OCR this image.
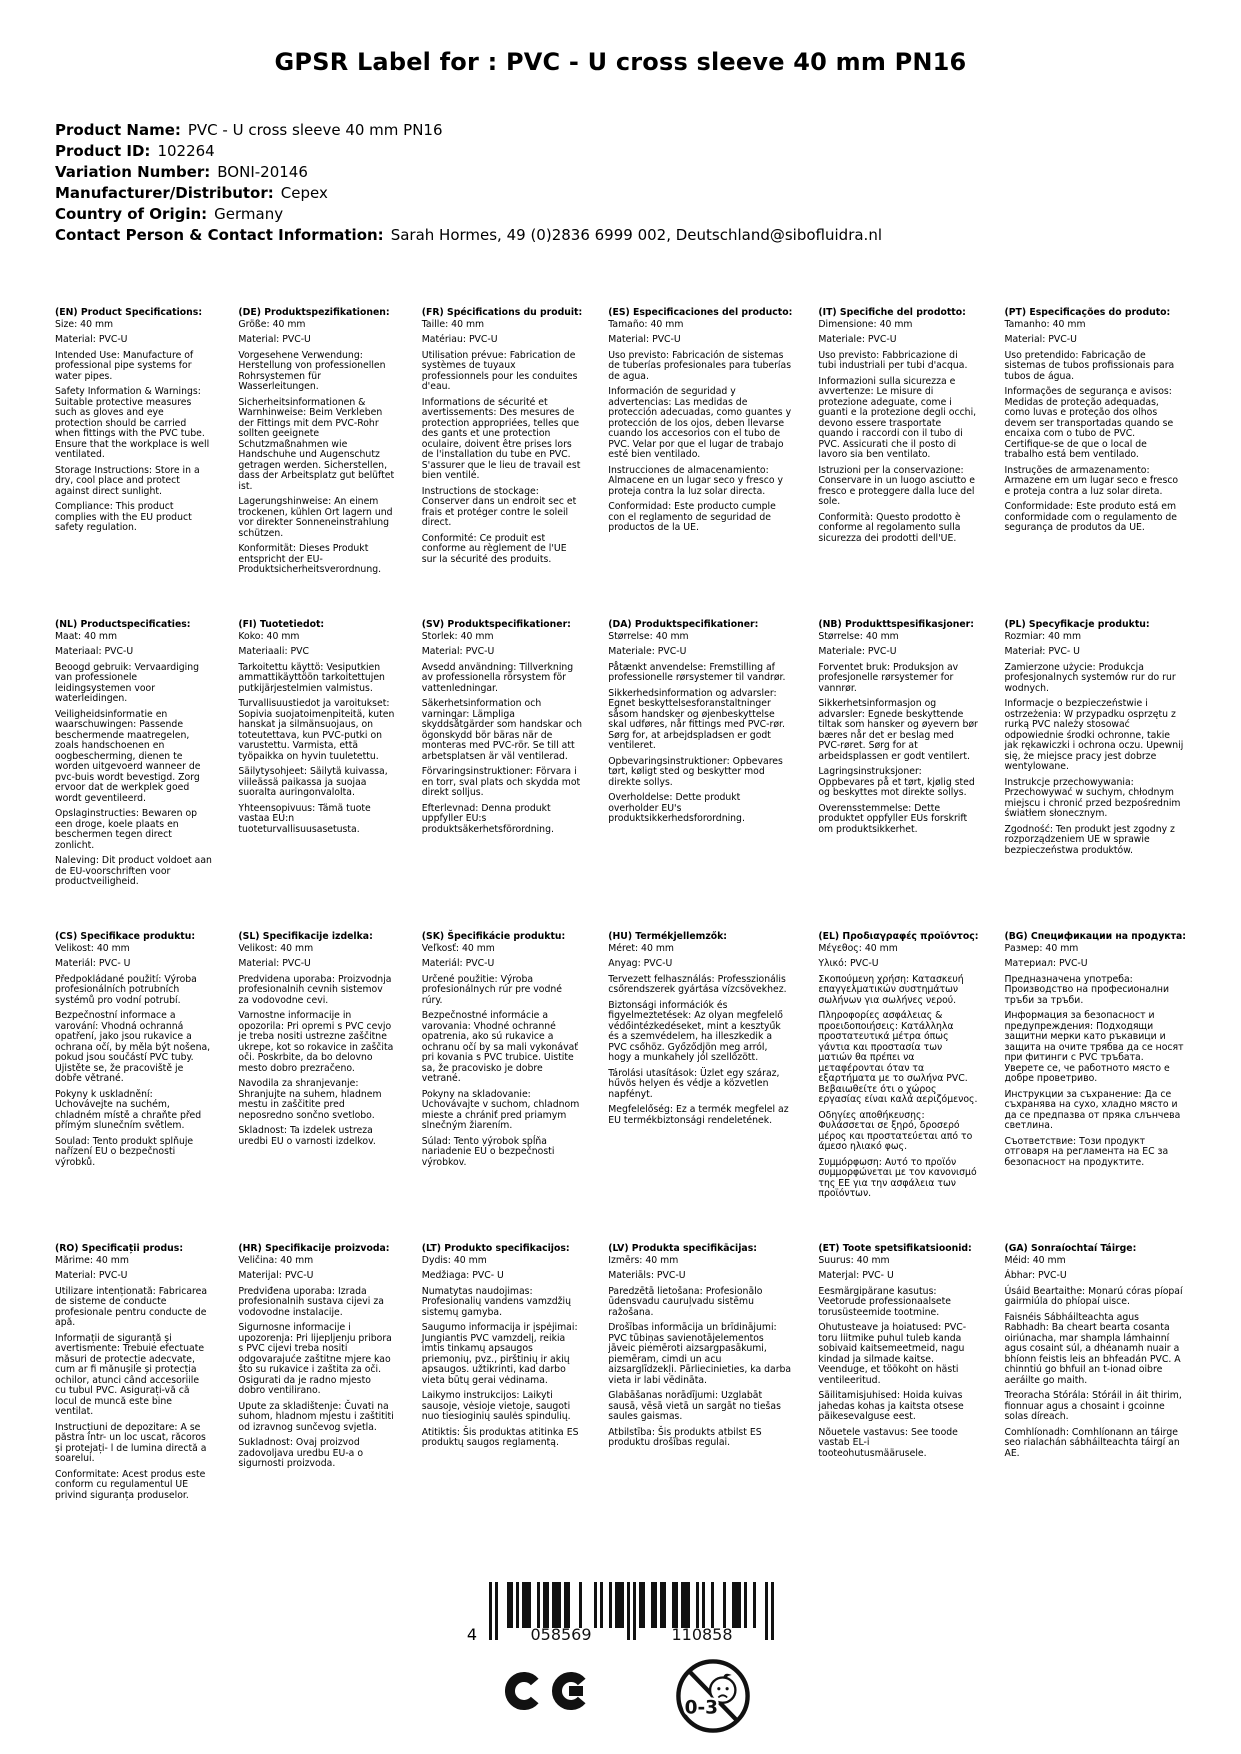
GPSR Label for : PVC - U cross sleeve 40 mm PN16
Product Name: PVC - U cross sleeve 40 mm PN16
Product ID: 102264
Variation Number: BONI-20146
Manufacturer/Distributor: Cepex
Country of Origin: Germany
Contact Person & Contact Information: Sarah Hormes, 49 (0)2836 6999 002, Deutschland@sibofluidra.nl
(EN) Product Specifications:

Size: 40 mm

Material: PVC-U

Intended Use: Manufacture of professional pipe systems for water pipes.

Safety Information & Warnings: Suitable protective measures such as gloves and eye protection should be carried when fittings with the PVC tube. Ensure that the workplace is well ventilated.

Storage Instructions: Store in a dry, cool place and protect against direct sunlight.

Compliance: This product complies with the EU product safety regulation.

(DE) Produktspezifikationen:

Größe: 40 mm

Material: PVC-U

Vorgesehene Verwendung: Herstellung von professionellen Rohrsystemen für Wasserleitungen.

Sicherheitsinformationen & Warnhinweise: Beim Verkleben der Fittings mit dem PVC-Rohr sollten geeignete Schutzmaßnahmen wie Handschuhe und Augenschutz getragen werden. Sicherstellen, dass der Arbeitsplatz gut belüftet ist.

Lagerungshinweise: An einem trockenen, kühlen Ort lagern und vor direkter Sonneneinstrahlung schützen.

Konformität: Dieses Produkt entspricht der EU-Produktsicherheitsverordnung.

(FR) Spécifications du produit:

Taille: 40 mm

Matériau: PVC-U

Utilisation prévue: Fabrication de systèmes de tuyaux professionnels pour les conduites d'eau.

Informations de sécurité et avertissements: Des mesures de protection appropriées, telles que des gants et une protection oculaire, doivent être prises lors de l'installation du tube en PVC. S'assurer que le lieu de travail est bien ventilé.

Instructions de stockage: Conserver dans un endroit sec et frais et protéger contre le soleil direct.

Conformité: Ce produit est conforme au règlement de l'UE sur la sécurité des produits.

(ES) Especificaciones del producto:

Tamaño: 40 mm

Material: PVC-U

Uso previsto: Fabricación de sistemas de tuberías profesionales para tuberías de agua.

Información de seguridad y advertencias: Las medidas de protección adecuadas, como guantes y protección de los ojos, deben llevarse cuando los accesorios con el tubo de PVC. Velar por que el lugar de trabajo esté bien ventilado.

Instrucciones de almacenamiento: Almacene en un lugar seco y fresco y proteja contra la luz solar directa.

Conformidad: Este producto cumple con el reglamento de seguridad de productos de la UE.

(IT) Specifiche del prodotto:

Dimensione: 40 mm

Materiale: PVC-U

Uso previsto: Fabbricazione di tubi industriali per tubi d'acqua.

Informazioni sulla sicurezza e avvertenze: Le misure di protezione adeguate, come i guanti e la protezione degli occhi, devono essere trasportate quando i raccordi con il tubo di PVC. Assicurati che il posto di lavoro sia ben ventilato.

Istruzioni per la conservazione: Conservare in un luogo asciutto e fresco e proteggere dalla luce del sole.

Conformità: Questo prodotto è conforme al regolamento sulla sicurezza dei prodotti dell'UE.

(PT) Especificações do produto:

Tamanho: 40 mm

Material: PVC-U

Uso pretendido: Fabricação de sistemas de tubos profissionais para tubos de água.

Informações de segurança e avisos: Medidas de proteção adequadas, como luvas e proteção dos olhos devem ser transportadas quando se encaixa com o tubo de PVC. Certifique-se de que o local de trabalho está bem ventilado.

Instruções de armazenamento: Armazene em um lugar seco e fresco e proteja contra a luz solar direta.

Conformidade: Este produto está em conformidade com o regulamento de segurança de produtos da UE.

(NL) Productspecificaties:

Maat: 40 mm

Materiaal: PVC-U

Beoogd gebruik: Vervaardiging van professionele leidingsystemen voor waterleidingen.

Veiligheidsinformatie en waarschuwingen: Passende beschermende maatregelen, zoals handschoenen en oogbescherming, dienen te worden uitgevoerd wanneer de pvc-buis wordt bevestigd. Zorg ervoor dat de werkplek goed wordt geventileerd.

Opslaginstructies: Bewaren op een droge, koele plaats en beschermen tegen direct zonlicht.

Naleving: Dit product voldoet aan de EU-voorschriften voor productveiligheid.

(FI) Tuotetiedot:

Koko: 40 mm

Materiaali: PVC

Tarkoitettu käyttö: Vesiputkien ammattikäyttöön tarkoitettujen putkijärjestelmien valmistus.

Turvallisuustiedot ja varoitukset: Sopivia suojatoimenpiteitä, kuten hanskat ja silmänsuojaus, on toteutettava, kun PVC-putki on varustettu. Varmista, että työpaikka on hyvin tuuletettu.

Säilytysohjeet: Säilytä kuivassa, viileässä paikassa ja suojaa suoralta auringonvalolta.

Yhteensopivuus: Tämä tuote vastaa EU:n tuoteturvallisuusasetusta.

(SV) Produktspecifikationer:

Storlek: 40 mm

Material: PVC-U

Avsedd användning: Tillverkning av professionella rörsystem för vattenledningar.

Säkerhetsinformation och varningar: Lämpliga skyddsåtgärder som handskar och ögonskydd bör bäras när de monteras med PVC-rör. Se till att arbetsplatsen är väl ventilerad.

Förvaringsinstruktioner: Förvara i en torr, sval plats och skydda mot direkt solljus.

Efterlevnad: Denna produkt uppfyller EU:s produktsäkerhetsförordning.

(DA) Produktspecifikationer:

Størrelse: 40 mm

Materiale: PVC-U

Påtænkt anvendelse: Fremstilling af professionelle rørsystemer til vandrør.

Sikkerhedsinformation og advarsler: Egnet beskyttelsesforanstaltninger såsom handsker og øjenbeskyttelse skal udføres, når fittings med PVC-rør. Sørg for, at arbejdspladsen er godt ventileret.

Opbevaringsinstruktioner: Opbevares tørt, køligt sted og beskytter mod direkte sollys.

Overholdelse: Dette produkt overholder EU's produktsikkerhedsforordning.

(NB) Produkttspesifikasjoner:

Størrelse: 40 mm

Materiale: PVC-U

Forventet bruk: Produksjon av profesjonelle rørsystemer for vannrør.

Sikkerhetsinformasjon og advarsler: Egnede beskyttende tiltak som hansker og øyevern bør bæres når det er beslag med PVC-røret. Sørg for at arbeidsplassen er godt ventilert.

Lagringsinstruksjoner: Oppbevares på et tørt, kjølig sted og beskyttes mot direkte sollys.

Overensstemmelse: Dette produktet oppfyller EUs forskrift om produktsikkerhet.

(PL) Specyfikacje produktu:

Rozmiar: 40 mm

Materiał: PVC- U

Zamierzone użycie: Produkcja profesjonalnych systemów rur do rur wodnych.

Informacje o bezpieczeństwie i ostrzeżenia: W przypadku osprzętu z rurką PVC należy stosować odpowiednie środki ochronne, takie jak rękawiczki i ochrona oczu. Upewnij się, że miejsce pracy jest dobrze wentylowane.

Instrukcje przechowywania: Przechowywać w suchym, chłodnym miejscu i chronić przed bezpośrednim światłem słonecznym.

Zgodność: Ten produkt jest zgodny z rozporządzeniem UE w sprawie bezpieczeństwa produktów.

(CS) Specifikace produktu:

Velikost: 40 mm

Materiál: PVC- U

Předpokládané použití: Výroba profesionálních potrubních systémů pro vodní potrubí.

Bezpečnostní informace a varování: Vhodná ochranná opatření, jako jsou rukavice a ochrana očí, by měla být nošena, pokud jsou součástí PVC tuby. Ujistěte se, že pracoviště je dobře větrané.

Pokyny k uskladnění: Uchovávejte na suchém, chladném místě a chraňte před přímým slunečním světlem.

Soulad: Tento produkt splňuje nařízení EU o bezpečnosti výrobků.

(SL) Specifikacije izdelka:

Velikost: 40 mm

Material: PVC-U

Predvidena uporaba: Proizvodnja profesionalnih cevnih sistemov za vodovodne cevi.

Varnostne informacije in opozorila: Pri opremi s PVC cevjo je treba nositi ustrezne zaščitne ukrepe, kot so rokavice in zaščita oči. Poskrbite, da bo delovno mesto dobro prezračeno.

Navodila za shranjevanje: Shranjujte na suhem, hladnem mestu in zaščitite pred neposredno sončno svetlobo.

Skladnost: Ta izdelek ustreza uredbi EU o varnosti izdelkov.

(SK) Špecifikácie produktu:

Veľkosť: 40 mm

Materiál: PVC-U

Určené použitie: Výroba profesionálnych rúr pre vodné rúry.

Bezpečnostné informácie a varovania: Vhodné ochranné opatrenia, ako sú rukavice a ochranu očí by sa mali vykonávať pri kovania s PVC trubice. Uistite sa, že pracovisko je dobre vetrané.

Pokyny na skladovanie: Uchovávajte v suchom, chladnom mieste a chrániť pred priamym slnečným žiarením.

Súlad: Tento výrobok spĺňa nariadenie EÚ o bezpečnosti výrobkov.

(HU) Termékjellemzők:

Méret: 40 mm

Anyag: PVC-U

Tervezett felhasználás: Professzionális csőrendszerek gyártása vízcsövekhez.

Biztonsági információk és figyelmeztetések: Az olyan megfelelő védőintézkedéseket, mint a kesztyűk és a szemvédelem, ha illeszkedik a PVC csőhöz. Győződjön meg arról, hogy a munkahely jól szellőzött.

Tárolási utasítások: Üzlet egy száraz, hűvös helyen és védje a közvetlen napfényt.

Megfelelőség: Ez a termék megfelel az EU termékbiztonsági rendeletének.

(EL) Προδιαγραφές προϊόντος:

Μέγεθος: 40 mm

Υλικό: PVC-U

Σκοπούμενη χρήση: Κατασκευή επαγγελματικών συστημάτων σωλήνων για σωλήνες νερού.

Πληροφορίες ασφάλειας & προειδοποιήσεις: Κατάλληλα προστατευτικά μέτρα όπως γάντια και προστασία των ματιών θα πρέπει να μεταφέρονται όταν τα εξαρτήματα με το σωλήνα PVC. Βεβαιωθείτε ότι ο χώρος εργασίας είναι καλά αεριζόμενος.

Οδηγίες αποθήκευσης: Φυλάσσεται σε ξηρό, δροσερό μέρος και προστατεύεται από το άμεσο ηλιακό φως.

Συμμόρφωση: Αυτό το προϊόν συμμορφώνεται με τον κανονισμό της ΕΕ για την ασφάλεια των προϊόντων.

(BG) Спецификации на продукта:

Размер: 40 mm

Материал: PVC-U

Предназначена употреба: Производство на професионални тръби за тръби.

Информация за безопасност и предупреждения: Подходящи защитни мерки като ръкавици и защита на очите трябва да се носят при фитинги с PVC тръбата. Уверете се, че работното място е добре проветриво.

Инструкции за съхранение: Да се съхранява на сухо, хладно място и да се предпазва от пряка слънчева светлина.

Съответствие: Този продукт отговаря на регламента на ЕС за безопасност на продуктите.

(RO) Specificații produs:

Mărime: 40 mm

Material: PVC-U

Utilizare intenționată: Fabricarea de sisteme de conducte profesionale pentru conducte de apă.

Informații de siguranță și avertismente: Trebuie efectuate măsuri de protecție adecvate, cum ar fi mănușile și protecția ochilor, atunci când accesoriile cu tubul PVC. Asigurați-vă că locul de muncă este bine ventilat.

Instrucțiuni de depozitare: A se păstra într- un loc uscat, răcoros și protejați- l de lumina directă a soarelui.

Conformitate: Acest produs este conform cu regulamentul UE privind siguranța produselor.

(HR) Specifikacije proizvoda:

Veličina: 40 mm

Materijal: PVC-U

Predviđena uporaba: Izrada profesionalnih sustava cijevi za vodovodne instalacije.

Sigurnosne informacije i upozorenja: Pri lijepljenju pribora s PVC cijevi treba nositi odgovarajuće zaštitne mjere kao što su rukavice i zaštita za oči. Osigurati da je radno mjesto dobro ventilirano.

Upute za skladištenje: Čuvati na suhom, hladnom mjestu i zaštititi od izravnog sunčevog svjetla.

Sukladnost: Ovaj proizvod zadovoljava uredbu EU-a o sigurnosti proizvoda.

(LT) Produkto specifikacijos:

Dydis: 40 mm

Medžiaga: PVC- U

Numatytas naudojimas: Profesionalių vandens vamzdžių sistemų gamyba.

Saugumo informacija ir įspėjimai: Jungiantis PVC vamzdelį, reikia imtis tinkamų apsaugos priemonių, pvz., pirštinių ir akių apsaugos. užtikrinti, kad darbo vieta būtų gerai vėdinama.

Laikymo instrukcijos: Laikyti sausoje, vėsioje vietoje, saugoti nuo tiesioginių saulės spindulių.

Atitiktis: Šis produktas atitinka ES produktų saugos reglamentą.

(LV) Produkta specifikācijas:

Izmērs: 40 mm

Materiāls: PVC-U

Paredzētā lietošana: Profesionālo ūdensvadu cauruļvadu sistēmu ražošana.

Drošības informācija un brīdinājumi: PVC tūbiņas savienotājelementos jāveic piemēroti aizsargpasākumi, piemēram, cimdi un acu aizsarglīdzekļi. Pārliecinieties, ka darba vieta ir labi vēdināta.

Glabāšanas norādījumi: Uzglabāt sausā, vēsā vietā un sargāt no tiešas saules gaismas.

Atbilstība: Šis produkts atbilst ES produktu drošības regulai.

(ET) Toote spetsifikatsioonid:

Suurus: 40 mm

Materjal: PVC- U

Eesmärgipärane kasutus: Veetorude professionaalsete torusüsteemide tootmine.

Ohutusteave ja hoiatused: PVC-toru liitmike puhul tuleb kanda sobivaid kaitsemeetmeid, nagu kindad ja silmade kaitse. Veenduge, et töökoht on hästi ventileeritud.

Säilitamisjuhised: Hoida kuivas jahedas kohas ja kaitsta otsese päikesevalguse eest.

Nõuetele vastavus: See toode vastab EL-i tooteohutusmäärusele.

(GA) Sonraíochtaí Táirge:

Méid: 40 mm

Ábhar: PVC-U

Úsáid Beartaithe: Monarú córas píopaí gairmiúla do phíopaí uisce.

Faisnéis Sábháilteachta agus Rabhadh: Ba cheart bearta cosanta oiriúnacha, mar shampla lámhainní agus cosaint súl, a dhéanamh nuair a bhíonn feistis leis an bhfeadán PVC. A chinntiú go bhfuil an t-ionad oibre aeráilte go maith.

Treoracha Stórála: Stóráil in áit thirim, fionnuar agus a chosaint i gcoinne solas díreach.

Comhlíonadh: Comhlíonann an táirge seo rialachán sábháilteachta táirgí an AE.

4	058569	110858
0-3
